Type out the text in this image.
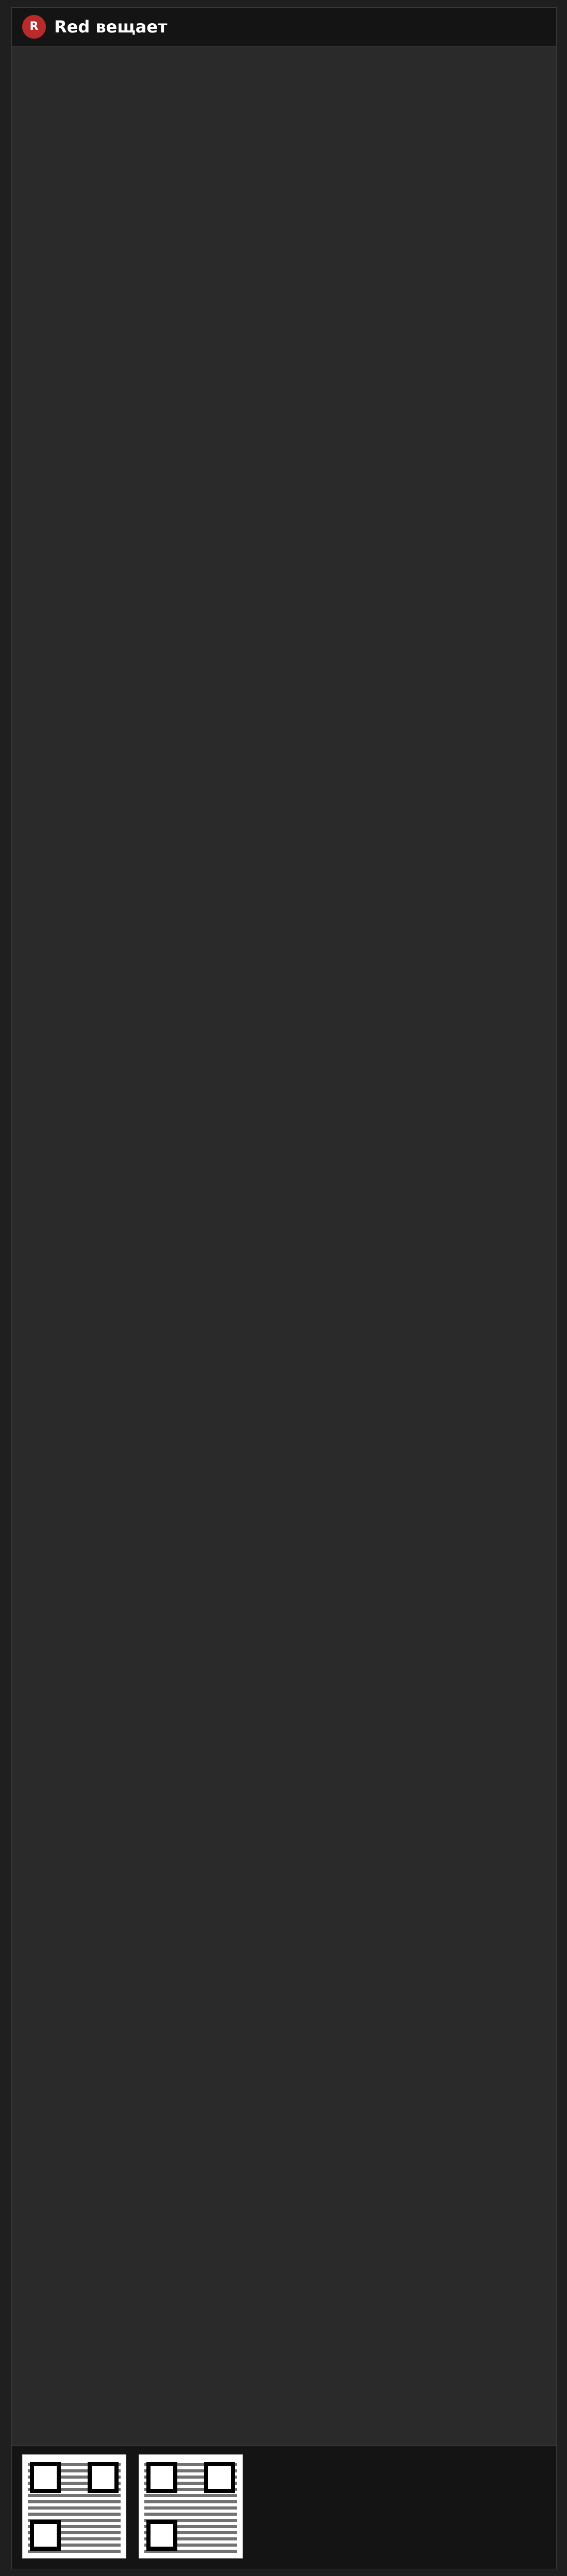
R Red вещает
